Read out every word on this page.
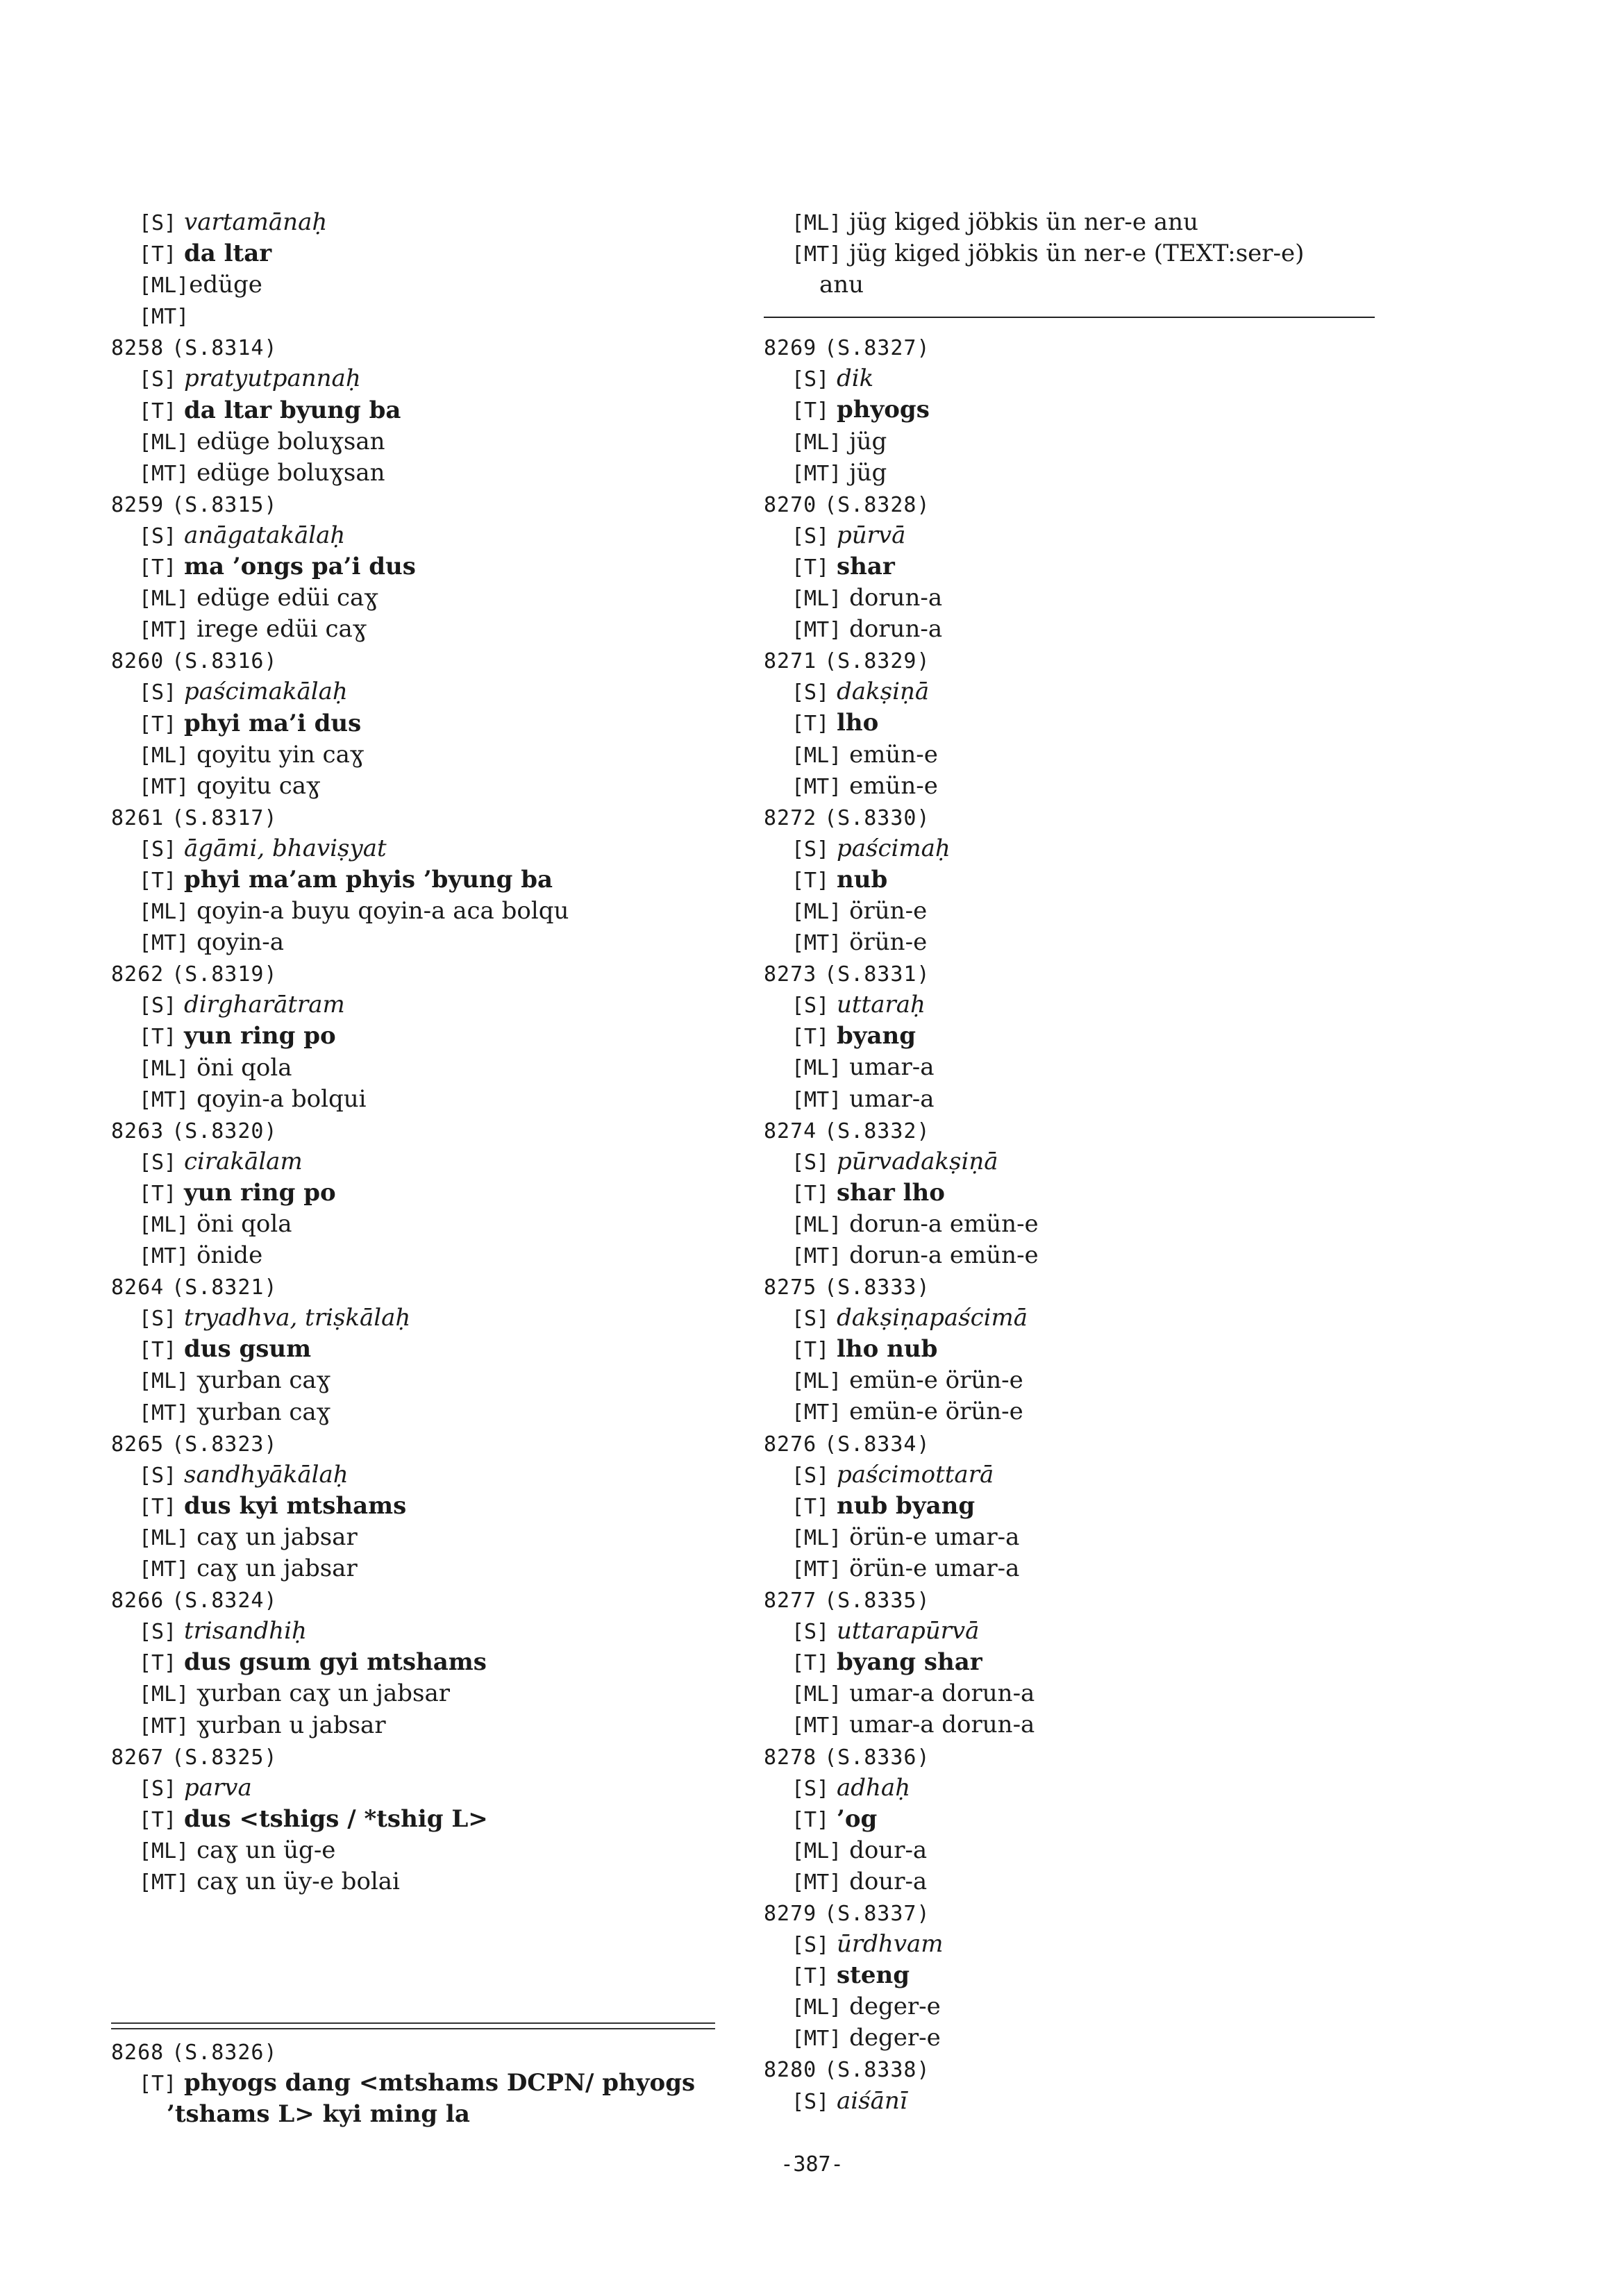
[S] vartamānaḥ
[T] da ltar
[ML]edüge
[MT]
8258 (S.8314)
[S] pratyutpannaḥ
[T] da ltar byung ba
[ML] edüge boluɣsan
[MT] edüge boluɣsan
8259 (S.8315)
[S] anāgatakālaḥ
[T] ma ’ongs pa’i dus
[ML] edüge edüi caɣ
[MT] irege edüi caɣ
8260 (S.8316)
[S] paścimakālaḥ
[T] phyi ma’i dus
[ML] qoyitu yin caɣ
[MT] qoyitu caɣ
8261 (S.8317)
[S] āgāmi, bhaviṣyat
[T] phyi ma’am phyis ’byung ba
[ML] qoyin-a buyu qoyin-a aca bolqu
[MT] qoyin-a
8262 (S.8319)
[S] dirgharātram
[T] yun ring po
[ML] öni qola
[MT] qoyin-a bolqui
8263 (S.8320)
[S] cirakālam
[T] yun ring po
[ML] öni qola
[MT] önide
8264 (S.8321)
[S] tryadhva, triṣkālaḥ
[T] dus gsum
[ML] ɣurban caɣ
[MT] ɣurban caɣ
8265 (S.8323)
[S] sandhyākālaḥ
[T] dus kyi mtshams
[ML] caɣ un jabsar
[MT] caɣ un jabsar
8266 (S.8324)
[S] trisandhiḥ
[T] dus gsum gyi mtshams
[ML] ɣurban caɣ un jabsar
[MT] ɣurban u jabsar
8267 (S.8325)
[S] parva
[T] dus <tshigs / *tshig L>
[ML] caɣ un üg-e
[MT] caɣ un üy-e bolai
8268 (S.8326)
[T] phyogs dang <mtshams DCPN/ phyogs
’tshams L> kyi ming la
[ML] jüg kiged jöbkis ün ner-e anu
[MT] jüg kiged jöbkis ün ner-e (TEXT:ser-e)
anu
8269 (S.8327)
[S] dik
[T] phyogs
[ML] jüg
[MT] jüg
8270 (S.8328)
[S] pūrvā
[T] shar
[ML] dorun-a
[MT] dorun-a
8271 (S.8329)
[S] dakṣiṇā
[T] lho
[ML] emün-e
[MT] emün-e
8272 (S.8330)
[S] paścimaḥ
[T] nub
[ML] örün-e
[MT] örün-e
8273 (S.8331)
[S] uttaraḥ
[T] byang
[ML] umar-a
[MT] umar-a
8274 (S.8332)
[S] pūrvadakṣiṇā
[T] shar lho
[ML] dorun-a emün-e
[MT] dorun-a emün-e
8275 (S.8333)
[S] dakṣiṇapaścimā
[T] lho nub
[ML] emün-e örün-e
[MT] emün-e örün-e
8276 (S.8334)
[S] paścimottarā
[T] nub byang
[ML] örün-e umar-a
[MT] örün-e umar-a
8277 (S.8335)
[S] uttarapūrvā
[T] byang shar
[ML] umar-a dorun-a
[MT] umar-a dorun-a
8278 (S.8336)
[S] adhaḥ
[T] ’og
[ML] dour-a
[MT] dour-a
8279 (S.8337)
[S] ūrdhvam
[T] steng
[ML] deger-e
[MT] deger-e
8280 (S.8338)
[S] aiśānī
-387-
